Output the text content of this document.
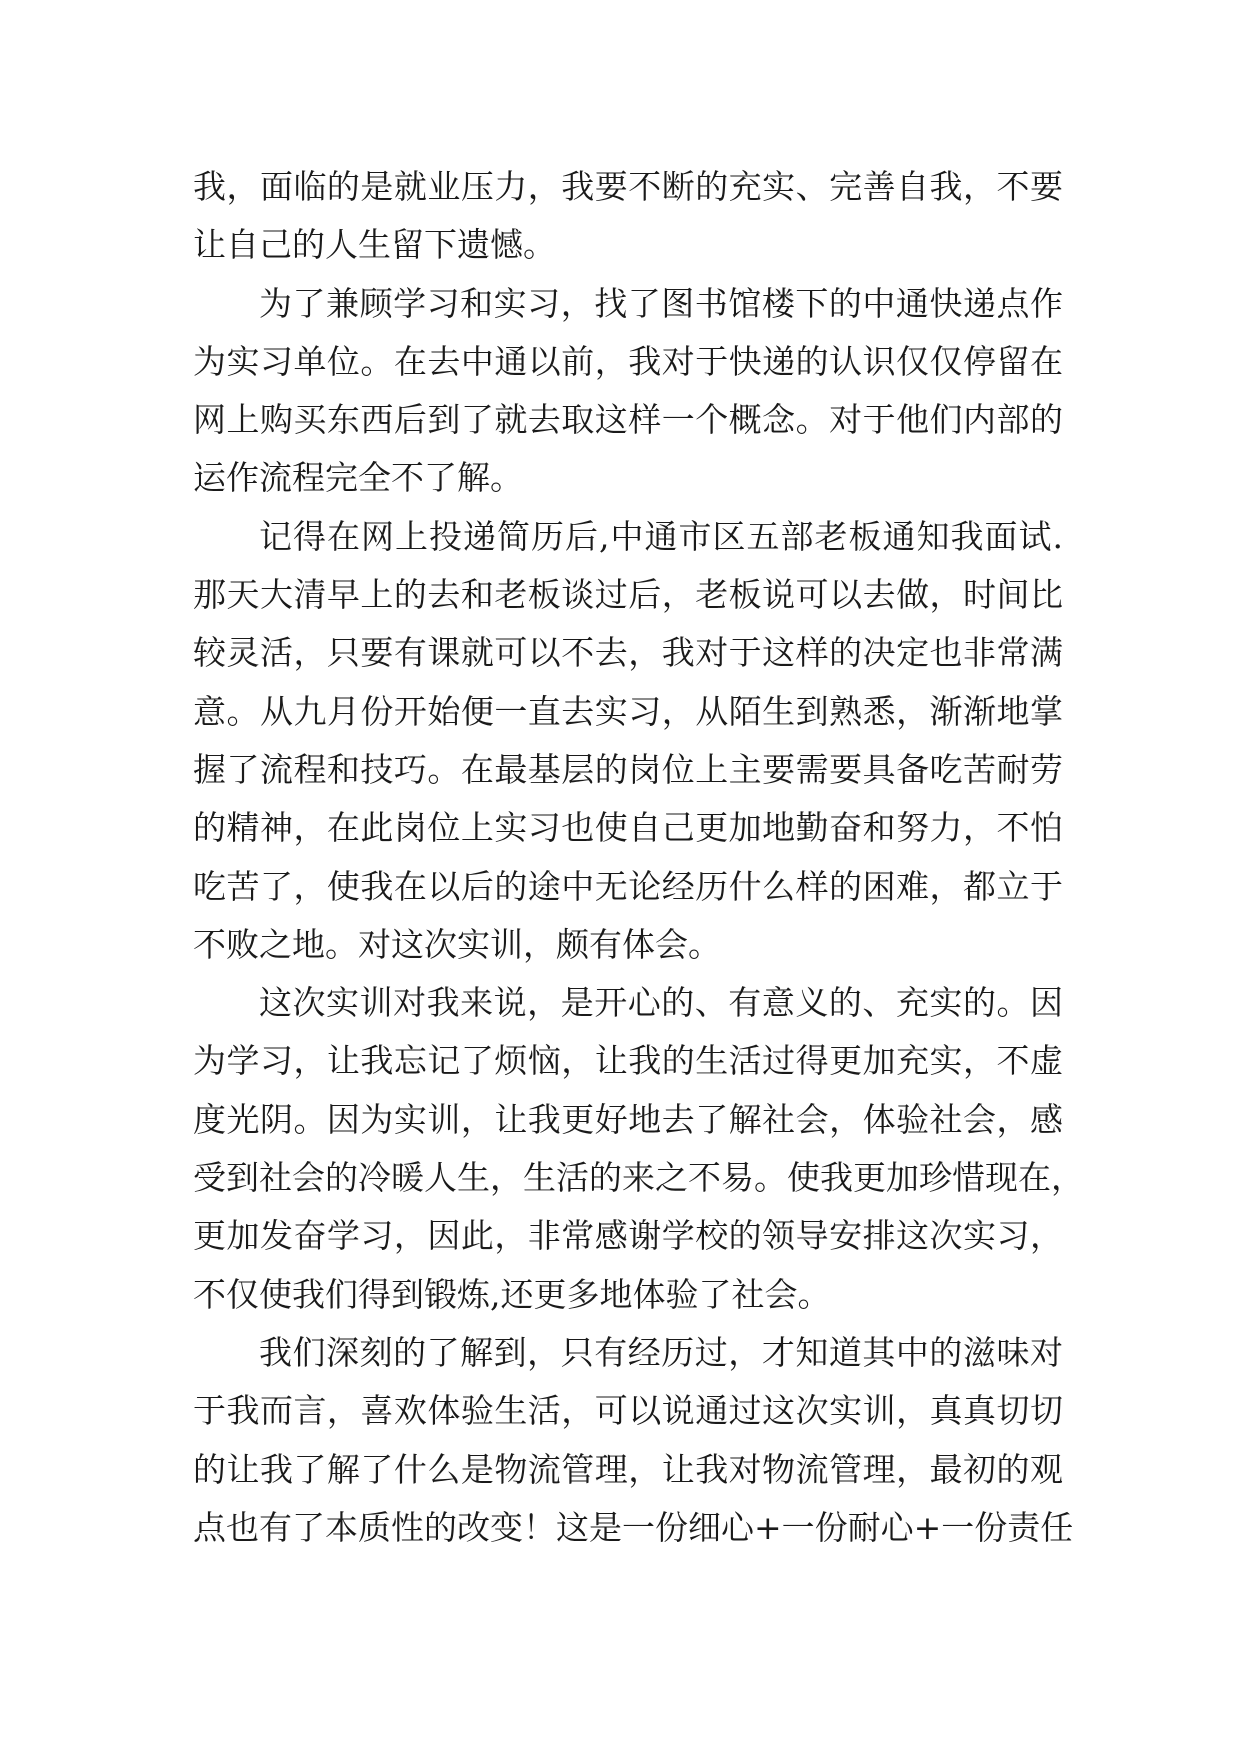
我，面临的是就业压力，我要不断的充实、完善自我，不要
让自己的人生留下遗憾。
为了兼顾学习和实习，找了图书馆楼下的中通快递点作
为实习单位。在去中通以前，我对于快递的认识仅仅停留在
网上购买东西后到了就去取这样一个概念。对于他们内部的
运作流程完全不了解。
记得在网上投递简历后,中通市区五部老板通知我面试.
那天大清早上的去和老板谈过后，老板说可以去做，时间比
较灵活，只要有课就可以不去，我对于这样的决定也非常满
意。从九月份开始便一直去实习，从陌生到熟悉，渐渐地掌
握了流程和技巧。在最基层的岗位上主要需要具备吃苦耐劳
的精神，在此岗位上实习也使自己更加地勤奋和努力，不怕
吃苦了，使我在以后的途中无论经历什么样的困难，都立于
不败之地。对这次实训，颇有体会。
这次实训对我来说，是开心的、有意义的、充实的。因
为学习，让我忘记了烦恼，让我的生活过得更加充实，不虚
度光阴。因为实训，让我更好地去了解社会，体验社会，感
受到社会的冷暖人生，生活的来之不易。使我更加珍惜现在，
更加发奋学习，因此，非常感谢学校的领导安排这次实习，
不仅使我们得到锻炼,还更多地体验了社会。
我们深刻的了解到，只有经历过，才知道其中的滋味对
于我而言，喜欢体验生活，可以说通过这次实训，真真切切
的让我了解了什么是物流管理，让我对物流管理，最初的观
点也有了本质性的改变！这是一份细心+一份耐心+一份责任
